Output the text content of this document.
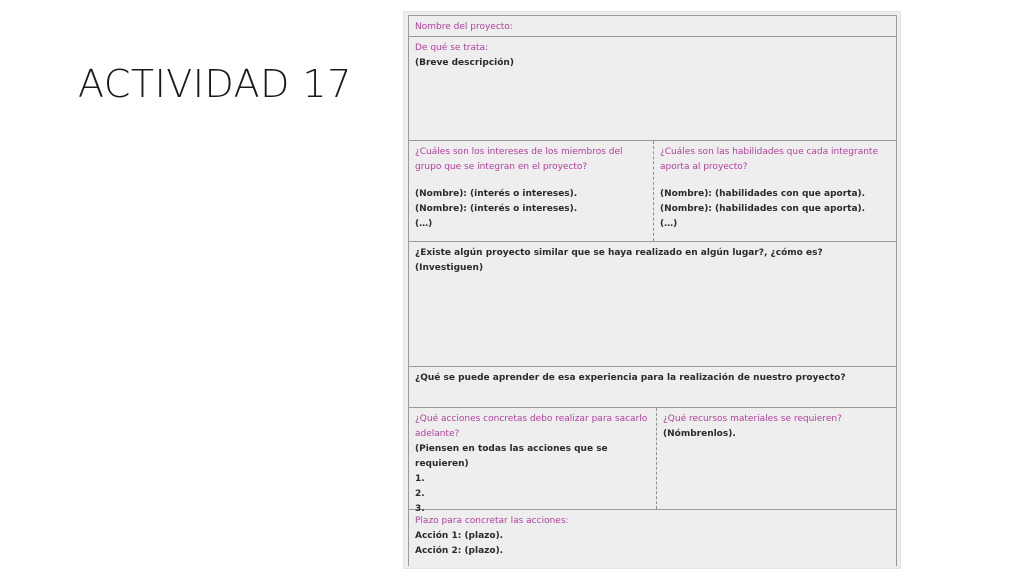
ACTIVIDAD 17
Nombre del proyecto:
De qué se trata:
(Breve descripción)
¿Cuáles son los intereses de los miembros del grupo que se integran en el proyecto?
(Nombre): (interés o intereses).
(Nombre): (interés o intereses).
(…)
¿Cuáles son las habilidades que cada integrante aporta al proyecto?
(Nombre): (habilidades con que aporta).
(Nombre): (habilidades con que aporta).
(…)
¿Existe algún proyecto similar que se haya realizado en algún lugar?, ¿cómo es?
(Investiguen)
¿Qué se puede aprender de esa experiencia para la realización de nuestro proyecto?
¿Qué acciones concretas debo realizar para sacarlo adelante?
(Piensen en todas las acciones que se requieren)
1.
2.
3.
¿Qué recursos materiales se requieren?
(Nómbrenlos).
Plazo para concretar las acciones:
Acción 1: (plazo).
Acción 2: (plazo).
